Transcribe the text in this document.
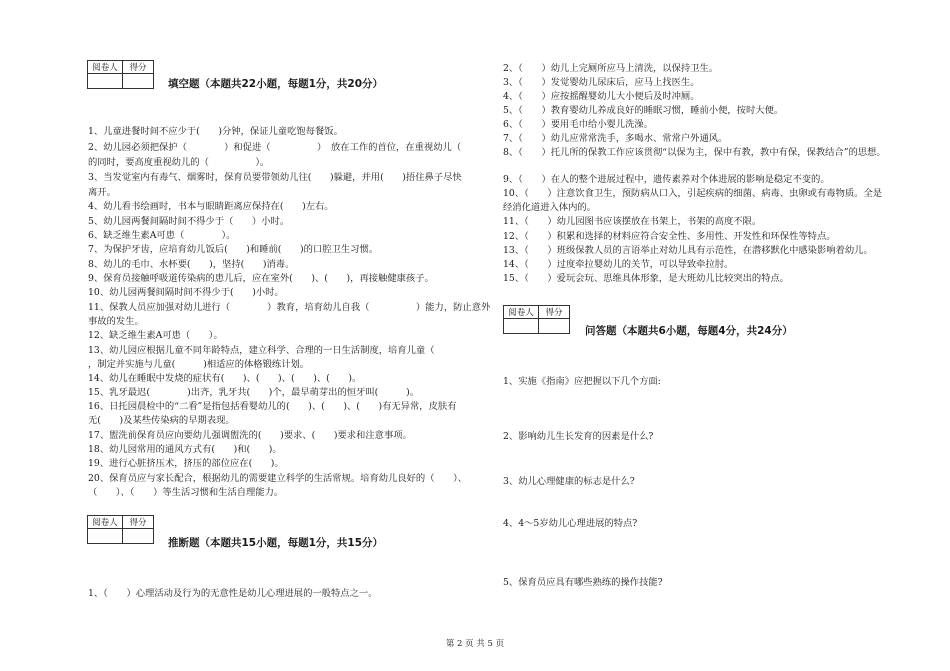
阅卷人	得分

阅卷人	得分

阅卷人	得分

填空题（本题共22小题，每题1分，共20分）
推断题（本题共15小题，每题1分，共15分）
问答题（本题共6小题，每题4分，共24分）
1、儿童进餐时间不应少于(　　)分钟，保证儿童吃饱每餐饭。
2、幼儿园必须把保护（　　　　）和促进（　　　　　）　放在工作的首位，在重视幼儿（
的同时，要高度重视幼儿的（　　　　　）。
3、当发觉室内有毒气、烟雾时，保育员要带领幼儿往(　　)躲避，并用(　　)捂住鼻子尽快
离开。
4、幼儿看书绘画时，书本与眼睛距离应保持在(　　)左右。
5、幼儿园两餐间隔时间不得少于（　　）小时。
6、缺乏维生素A可患（　　　　）。
7、为保护牙齿，应培育幼儿饭后(　　)和睡前(　　)的口腔卫生习惯。
8、幼儿的毛巾、水杯要(　　)，坚持(　　)消毒。
9、保育员接触呼吸道传染病的患儿后，应在室外(　　)、(　　)，再接触健康孩子。
10、幼儿园两餐间隔时间不得少于(　　)小时。
11、保教人员应加强对幼儿进行（　　　　）教育，培育幼儿自我（　　　　　）能力，防止意外
事故的发生。
12、缺乏维生素A可患（　　）。
13、幼儿园应根据儿童不同年龄特点，建立科学、合理的一日生活制度，培育儿童（
，制定并实施与儿童(　　　)相适应的体格锻练计划。
14、幼儿在睡眠中发烧的症状有(　　)、(　　)、(　　)、(　　)。
15、乳牙最迟(　　　　)出齐，乳牙共(　　)个，最早萌芽出的恒牙叫(　　　)。
16、日托园晨检中的“二看”是指包括看婴幼儿的(　　)、(　　)、(　　)有无异常，皮肤有
无(　　)及某些传染病的早期表现。
17、盥洗前保育员应向要幼儿强调盥洗的(　　)要求、(　　)要求和注意事项。
18、幼儿园常用的通风方式有(　　)和(　　)。
19、进行心脏挤压术，挤压的部位应在(　　)。
20、保育员应与家长配合，根据幼儿的需要建立科学的生活常规。培育幼儿良好的（　　）、
（　　）、（　　）等生活习惯和生活自理能力。
1、（　　）心理活动及行为的无意性是幼儿心理进展的一般特点之一。
2、（　　）幼儿上完厕所应马上清洗，以保持卫生。
3、（　　）发觉婴幼儿尿床后，应马上找医生。
4、（　　）应按摇醒婴幼儿大小便后及时冲厕。
5、（　　）教育婴幼儿养成良好的睡眠习惯，睡前小便，按时大便。
6、（　　）要用毛巾给小婴儿洗澡。
7、（　　）幼儿应常常洗手，多喝水、常常户外通风。
8、（　　）托儿所的保教工作应该贯彻“以保为主，保中有教，教中有保，保教结合”的思想。
9、（　　）在人的整个进展过程中，遗传素养对个体进展的影响是稳定不变的。
10、（　　）注意饮食卫生，预防病从口入，引起疾病的细菌、病毒、虫卵或有毒物质。全是
经消化道进入体内的。
11、（　　）幼儿园图书应该摆放在书架上，书架的高度不限。
12、（　　）积累和选择的材料应符合安全性、多用性、开发性和环保性等特点。
13、（　　）班级保教人员的言语举止对幼儿具有示范性，在潜移默化中感染影响着幼儿。
14、（　　）过度牵拉婴幼儿的关节，可以导致牵拉肘。
15、（　　）爱玩会玩、思维具体形象，是大班幼儿比较突出的特点。
1、实施《指南》应把握以下几个方面:
2、影响幼儿生长发育的因素是什么?
3、幼儿心理健康的标志是什么?
4、4～5岁幼儿心理进展的特点?
5、保育员应具有哪些熟练的操作技能?
第 2 页 共 5 页
